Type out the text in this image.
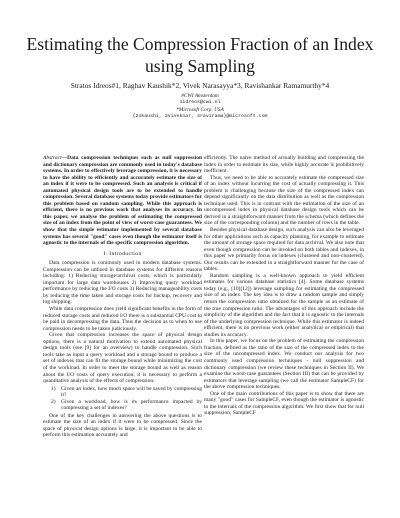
Estimating the Compression Fraction of an Index using Sampling
Stratos Idreos#1, Raghav Kaushik*2, Vivek Narasayya*3, Ravishankar Ramamurthy*4
#CWI Amsterdam
1idreos@cwi.nl
*Microsoft Corp. USA
{2skaushi, 3viveknar, 4ravirama}@microsoft.com

Abstract—Data compression techniques such as null suppression and dictionary compression are commonly used in today's database systems. In order to effectively leverage compression, it is necessary to have the ability to efficiently and accurately estimate the size of an index if it were to be compressed. Such an analysis is critical if automated physical design tools are to be extended to handle compression. Several database systems today provide estimators for this problem based on random sampling. While this approach is efficient, there is no previous work that analyses its accuracy. In this paper, we analyse the problem of estimating the compressed size of an index from the point of view of worst-case guarantees. We show that the simple estimator implemented by several database systems has several "good" cases even though the estimator itself is agnostic to the internals of the specific compression algorithm.

I. Introduction

Data compression is commonly used in modern database systems. Compression can be utilized in database systems for different reasons including: 1) Reducing storage/archival costs, which is particularly important for large data warehouses 2) Improving query workload performance by reducing the I/O costs 3) Reducing manageability costs by reducing the time taken and storage costs for backup, recovery and log shipping.

While data compression does yield significant benefits in the form of reduced storage costs and reduced I/O there is a substantial CPU cost to be paid in decompressing the data. Thus the decision as to when to use compression needs to be taken judiciously.

Given that compression increases the space of physical design options, there is a natural motivation to extend automated physical design tools (see [9] for an overview) to handle compression. Such tools take as input a query workload and a storage bound to produce a set of indexes that can fit the storage bound while minimizing the cost of the workload. In order to meet the storage bound as well as reason about the I/O costs of query execution, it is necessary to perform a quantitative analysis of the effects of compression:

1) Given an index, how much space will be saved by compressing it?
2) Given a workload, how is its performance impacted by compressing a set of indexes?

One of the key challenges in answering the above questions is to estimate the size of an index if it were to be compressed. Since the space of physical design options is large, it is important to be able to perform this estimation accurately and

efficiently. The naive method of actually building and compressing the index in order to estimate its size, while highly accurate is prohibitively inefficient.

Thus, we need to be able to accurately estimate the compressed size of an index without incurring the cost of actually compressing it. This problem is challenging because the size of the compressed index can depend significantly on the data distribution as well as the compression technique used. This is in contrast with the estimation of the size of an uncompressed index in physical database design tools which can be derived in a straightforward manner from the schema (which defines the size of the corresponding column) and the number of rows in the table.

Besides physical database design, such analysis can also be leveraged for other applications such as capacity planning, for example to estimate the amount of storage space required for data archival. We also note that even though compression can be invoked on both tables and indexes, in this paper we primarily focus on indexes (clustered and non-clustered). Our results can be extended in a straightforward manner for the case of tables.

Random sampling is a well-known approach to yield efficient estimates for various database statistics [4]. Some database systems today (e.g., [10][12]) leverage sampling for estimating the compressed size of an index. The key idea is to draw a random sample and simply return the compression ratio obtained for the sample as an estimate of the true compression ratio. The advantages of this approach include the simplicity of the algorithm and the fact that it is agnostic to the internals of the underlying compression technique. While this estimator is indeed efficient, there is no previous work (either analytical or empirical) that studies its accuracy.

In this paper, we focus on the problem of estimating the compression fraction, defined as the ratio of the size of the compressed index to the size of the uncompressed index. We conduct our analysis for two commonly used compression techniques - null suppression and dictionary compression (we review these techniques in Section II). We examine the worst-case guarantees (Section III) that can be provided by estimators that leverage sampling (we call the estimator SampleCF) for the above compression techniques.

One of the main contributions of this paper is to show that there are many "good" cases for SampleCF, even though the estimator is agnostic to the internals of the compression algorithm. We first show that for null suppression, SampleCF
